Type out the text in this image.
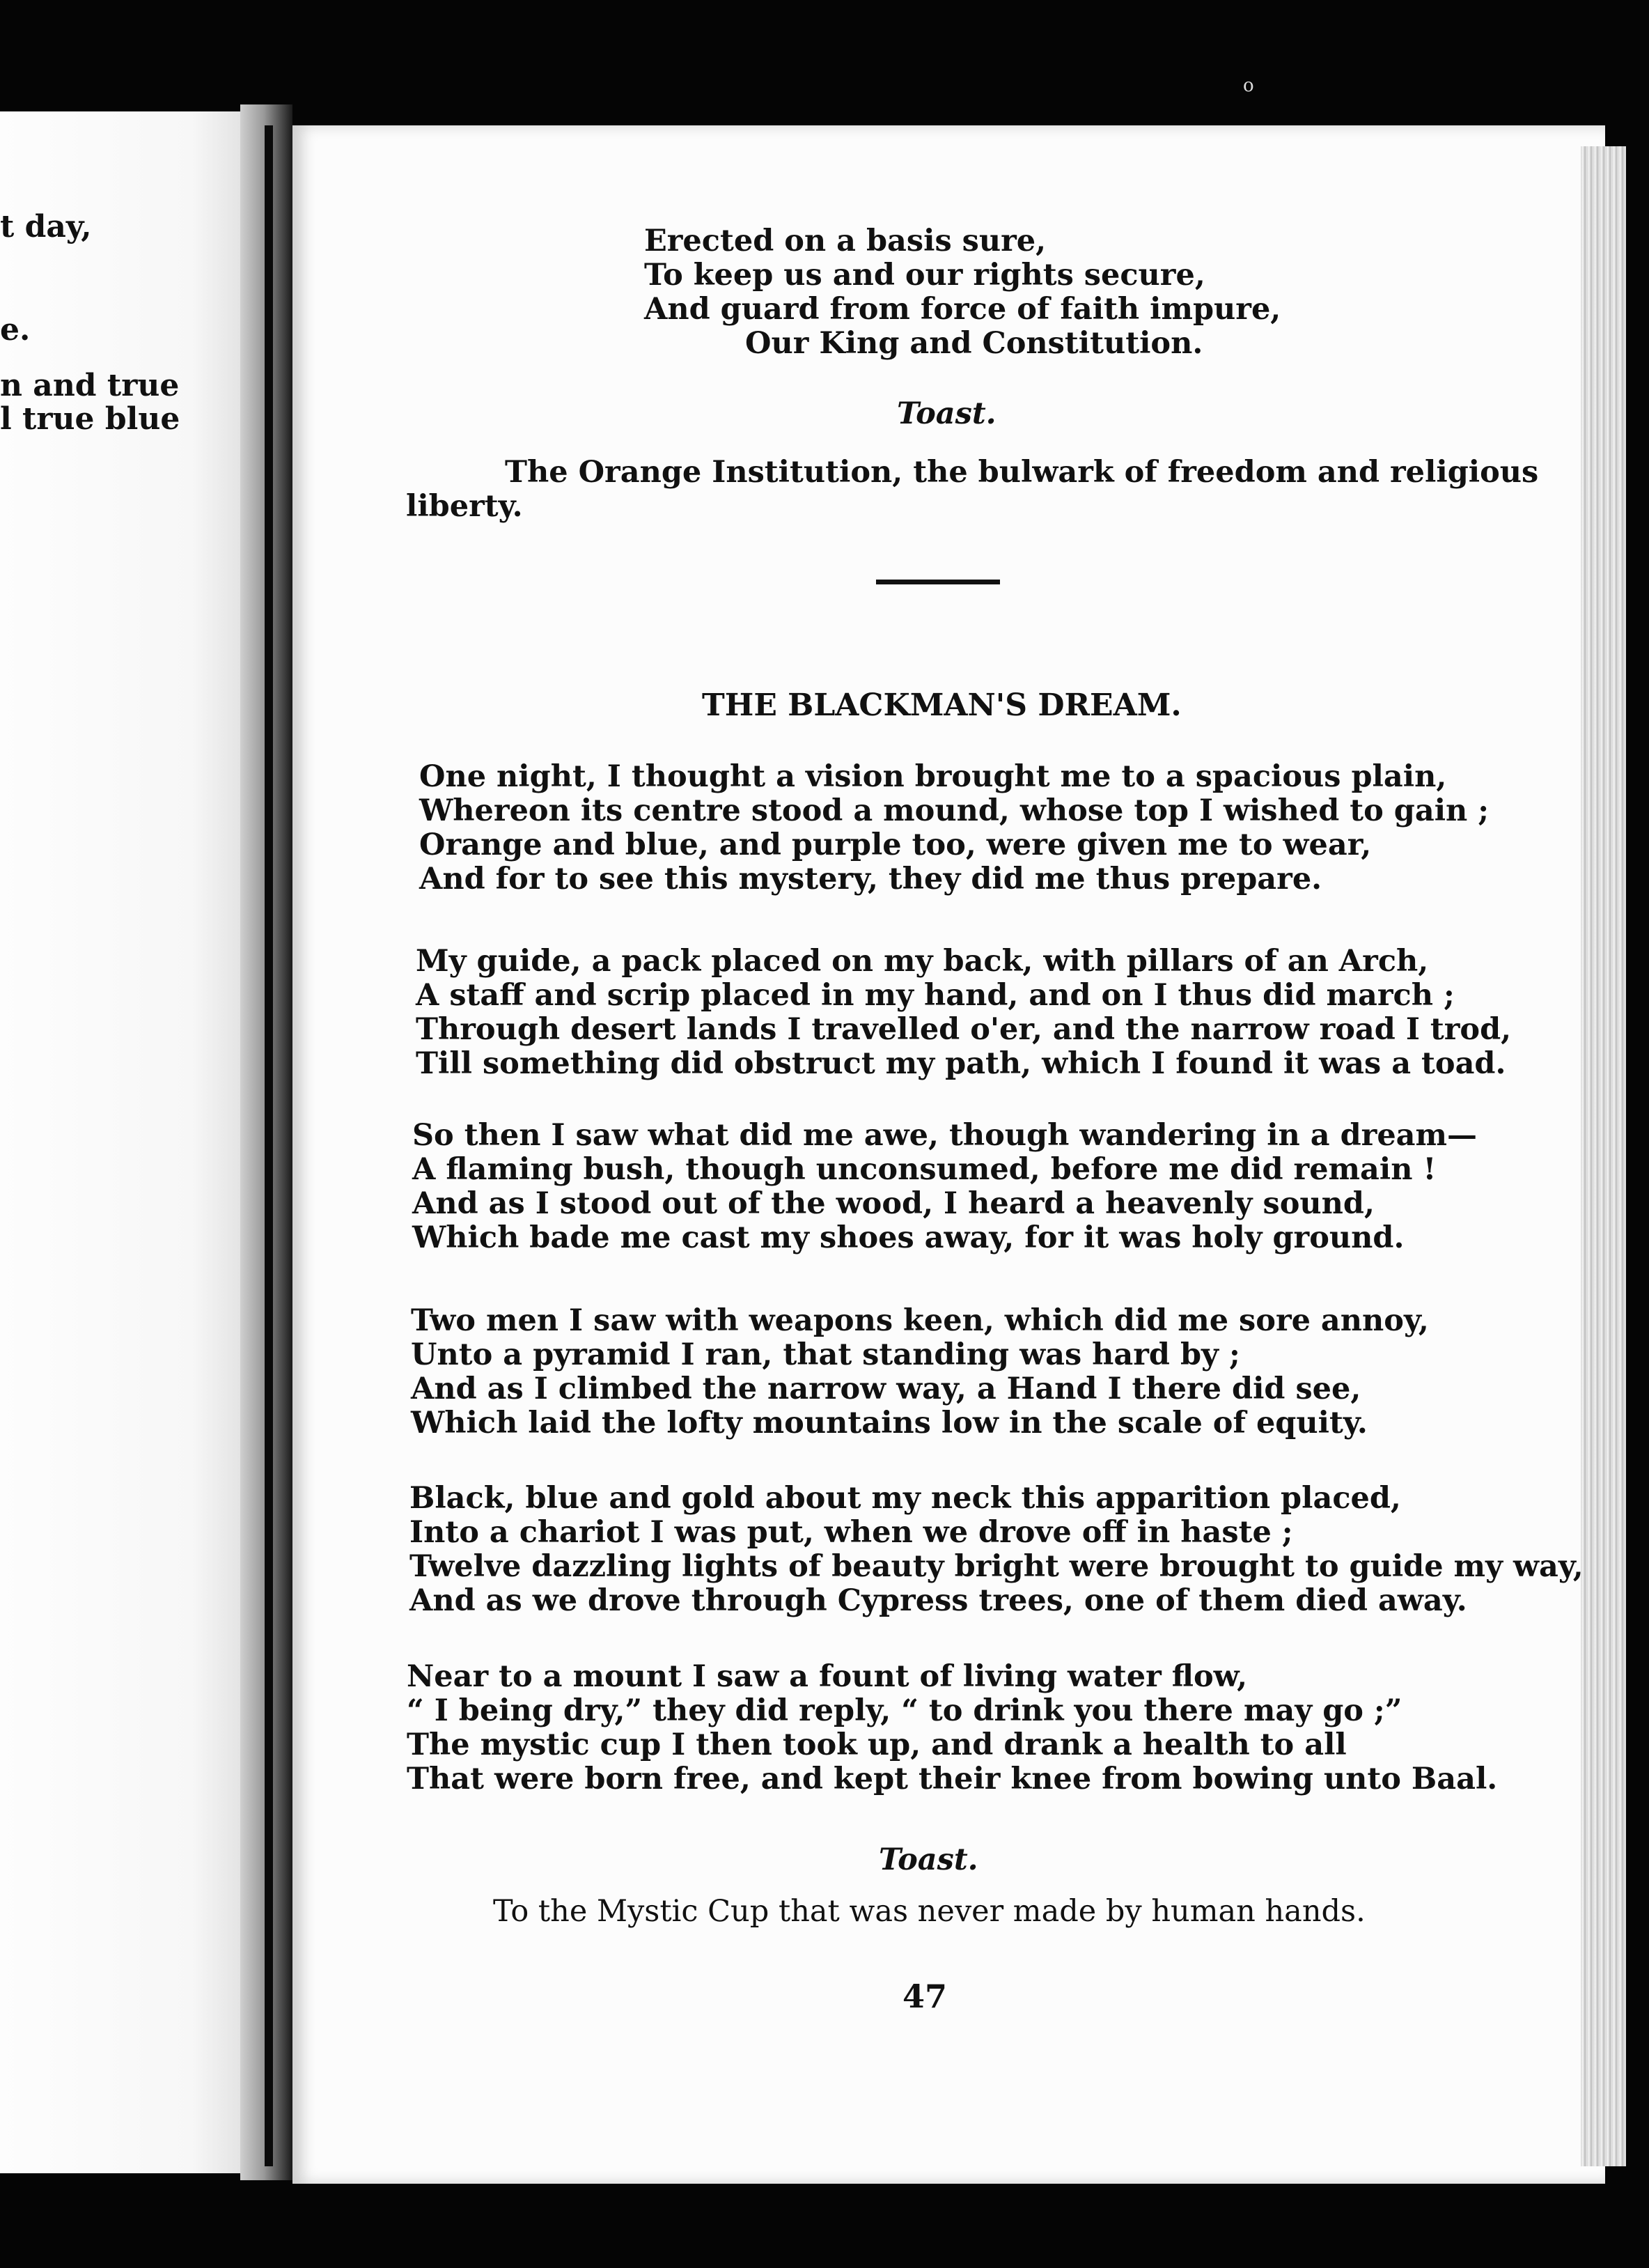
t day,
e.
n and true
l true blue
o
Erected on a basis sure,
To keep us and our rights secure,
And guard from force of faith impure,
Our King and Constitution.
Toast.
The Orange Institution, the bulwark of freedom and religious
liberty.
THE BLACKMAN'S DREAM.
One night, I thought a vision brought me to a spacious plain,
Whereon its centre stood a mound, whose top I wished to gain ;
Orange and blue, and purple too, were given me to wear,
And for to see this mystery, they did me thus prepare.
My guide, a pack placed on my back, with pillars of an Arch,
A staff and scrip placed in my hand, and on I thus did march ;
Through desert lands I travelled o'er, and the narrow road I trod,
Till something did obstruct my path, which I found it was a toad.
So then I saw what did me awe, though wandering in a dream—
A flaming bush, though unconsumed, before me did remain !
And as I stood out of the wood, I heard a heavenly sound,
Which bade me cast my shoes away, for it was holy ground.
Two men I saw with weapons keen, which did me sore annoy,
Unto a pyramid I ran, that standing was hard by ;
And as I climbed the narrow way, a Hand I there did see,
Which laid the lofty mountains low in the scale of equity.
Black, blue and gold about my neck this apparition placed,
Into a chariot I was put, when we drove off in haste ;
Twelve dazzling lights of beauty bright were brought to guide my way,
And as we drove through Cypress trees, one of them died away.
Near to a mount I saw a fount of living water flow,
“ I being dry,” they did reply, “ to drink you there may go ;”
The mystic cup I then took up, and drank a health to all
That were born free, and kept their knee from bowing unto Baal.
Toast.
To the Mystic Cup that was never made by human hands.
47
